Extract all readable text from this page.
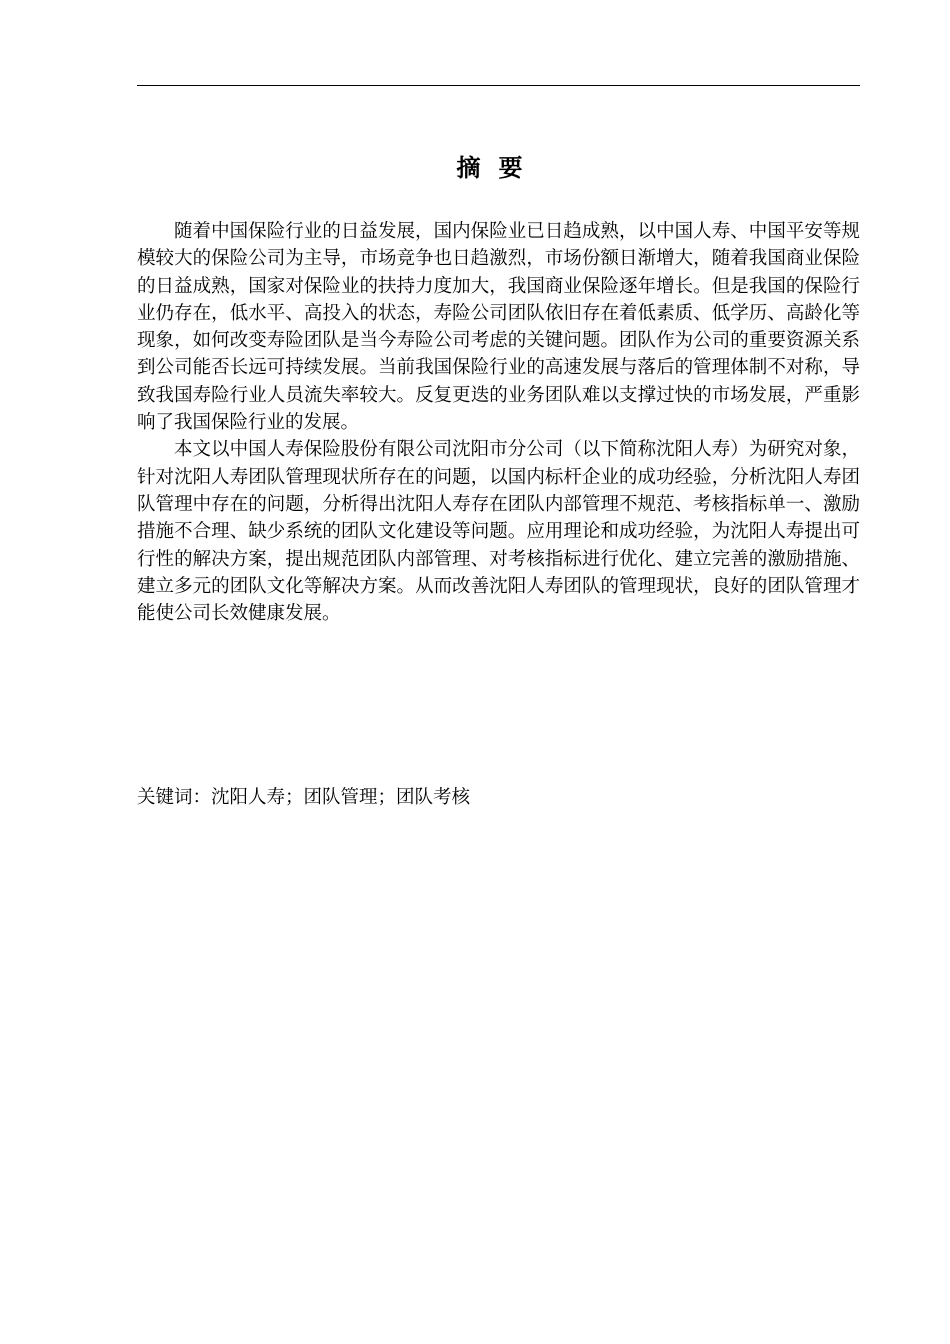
摘要

随着中国保险行业的日益发展，国内保险业已日趋成熟，以中国人寿、中国平安等规模较大的保险公司为主导，市场竞争也日趋激烈，市场份额日渐增大，随着我国商业保险的日益成熟，国家对保险业的扶持力度加大，我国商业保险逐年增长。但是我国的保险行业仍存在，低水平、高投入的状态，寿险公司团队依旧存在着低素质、低学历、高龄化等现象，如何改变寿险团队是当今寿险公司考虑的关键问题。团队作为公司的重要资源关系到公司能否长远可持续发展。当前我国保险行业的高速发展与落后的管理体制不对称，导致我国寿险行业人员流失率较大。反复更迭的业务团队难以支撑过快的市场发展，严重影响了我国保险行业的发展。

本文以中国人寿保险股份有限公司沈阳市分公司（以下简称沈阳人寿）为研究对象，针对沈阳人寿团队管理现状所存在的问题，以国内标杆企业的成功经验，分析沈阳人寿团队管理中存在的问题，分析得出沈阳人寿存在团队内部管理不规范、考核指标单一、激励措施不合理、缺少系统的团队文化建设等问题。应用理论和成功经验，为沈阳人寿提出可行性的解决方案，提出规范团队内部管理、对考核指标进行优化、建立完善的激励措施、建立多元的团队文化等解决方案。从而改善沈阳人寿团队的管理现状，良好的团队管理才能使公司长效健康发展。

关键词：沈阳人寿；团队管理；团队考核
